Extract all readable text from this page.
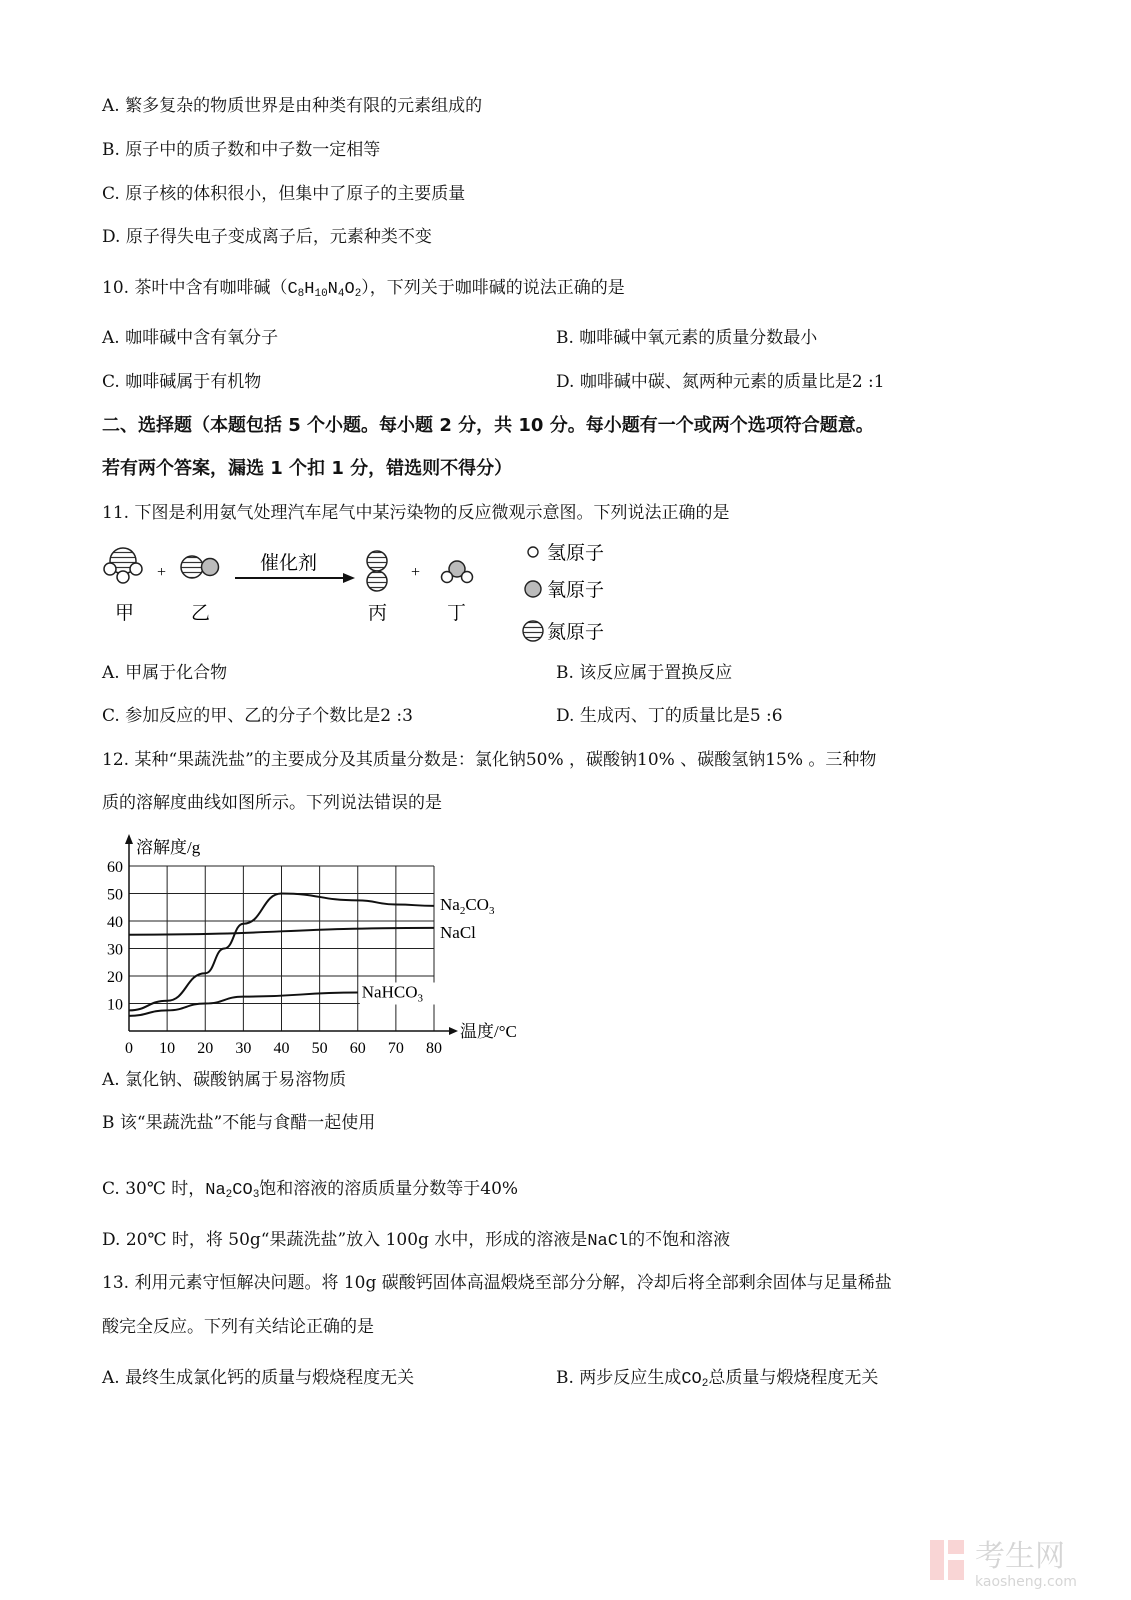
A. 繁多复杂的物质世界是由种类有限的元素组成的
B. 原子中的质子数和中子数一定相等
C. 原子核的体积很小，但集中了原子的主要质量
D. 原子得失电子变成离子后，元素种类不变
10. 茶叶中含有咖啡碱（C8H10N4O2），下列关于咖啡碱的说法正确的是
A. 咖啡碱中含有氧分子	B. 咖啡碱中氧元素的质量分数最小
C. 咖啡碱属于有机物	D. 咖啡碱中碳、氮两种元素的质量比是2 :1
二、选择题（本题包括 5 个小题。每小题 2 分，共 10 分。每小题有一个或两个选项符合题意。
若有两个答案，漏选 1 个扣 1 分，错选则不得分）
11. 下图是利用氨气处理汽车尾气中某污染物的反应微观示意图。下列说法正确的是
+	催化剂	+
甲	乙	丙	丁
氢原子
氧原子
氮原子
A. 甲属于化合物	B. 该反应属于置换反应
C. 参加反应的甲、乙的分子个数比是2 :3	D. 生成丙、丁的质量比是5 :6
12. 某种“果蔬洗盐”的主要成分及其质量分数是：氯化钠50% ，碳酸钠10% 、碳酸氢钠15% 。三种物
质的溶解度曲线如图所示。下列说法错误的是
溶解度/g
温度/°C
0 10 20 30 40 50 60 70 80
10
20
30
40
50
60
$Na_2CO_3$
NaCl
NaHCO$_3$
A. 氯化钠、碳酸钠属于易溶物质
B 该“果蔬洗盐”不能与食醋一起使用
C. 30℃ 时，Na2CO3饱和溶液的溶质质量分数等于40%
D. 20℃ 时，将 50g“果蔬洗盐”放入 100g 水中，形成的溶液是NaCl的不饱和溶液
13. 利用元素守恒解决问题。将 10g 碳酸钙固体高温煅烧至部分分解，冷却后将全部剩余固体与足量稀盐
酸完全反应。下列有关结论正确的是
A. 最终生成氯化钙的质量与煅烧程度无关	B. 两步反应生成CO2总质量与煅烧程度无关
考生网
kaosheng.com
